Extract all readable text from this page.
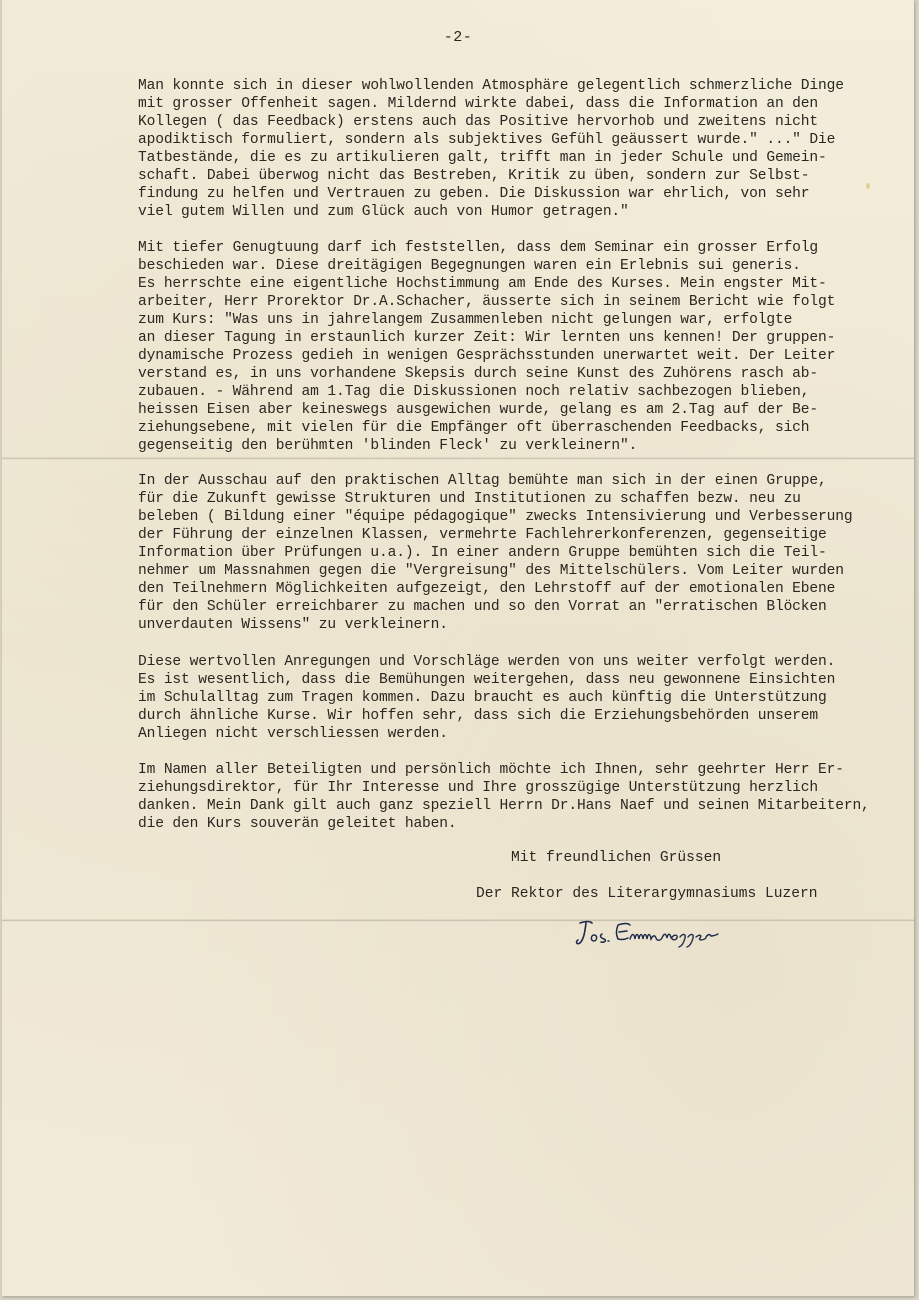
-2-
Man konnte sich in dieser wohlwollenden Atmosphäre gelegentlich schmerzliche Dinge
mit grosser Offenheit sagen. Mildernd wirkte dabei, dass die Information an den
Kollegen ( das Feedback) erstens auch das Positive hervorhob und zweitens nicht
apodiktisch formuliert, sondern als subjektives Gefühl geäussert wurde." ..." Die
Tatbestände, die es zu artikulieren galt, trifft man in jeder Schule und Gemein-
schaft. Dabei überwog nicht das Bestreben, Kritik zu üben, sondern zur Selbst-
findung zu helfen und Vertrauen zu geben. Die Diskussion war ehrlich, von sehr
viel gutem Willen und zum Glück auch von Humor getragen."
Mit tiefer Genugtuung darf ich feststellen, dass dem Seminar ein grosser Erfolg
beschieden war. Diese dreitägigen Begegnungen waren ein Erlebnis sui generis.
Es herrschte eine eigentliche Hochstimmung am Ende des Kurses. Mein engster Mit-
arbeiter, Herr Prorektor Dr.A.Schacher, äusserte sich in seinem Bericht wie folgt
zum Kurs: "Was uns in jahrelangem Zusammenleben nicht gelungen war, erfolgte
an dieser Tagung in erstaunlich kurzer Zeit: Wir lernten uns kennen! Der gruppen-
dynamische Prozess gedieh in wenigen Gesprächsstunden unerwartet weit. Der Leiter
verstand es, in uns vorhandene Skepsis durch seine Kunst des Zuhörens rasch ab-
zubauen. - Während am 1.Tag die Diskussionen noch relativ sachbezogen blieben,
heissen Eisen aber keineswegs ausgewichen wurde, gelang es am 2.Tag auf der Be-
ziehungsebene, mit vielen für die Empfänger oft überraschenden Feedbacks, sich
gegenseitig den berühmten 'blinden Fleck' zu verkleinern".
In der Ausschau auf den praktischen Alltag bemühte man sich in der einen Gruppe,
für die Zukunft gewisse Strukturen und Institutionen zu schaffen bezw. neu zu
beleben ( Bildung einer "équipe pédagogique" zwecks Intensivierung und Verbesserung
der Führung der einzelnen Klassen, vermehrte Fachlehrerkonferenzen, gegenseitige
Information über Prüfungen u.a.). In einer andern Gruppe bemühten sich die Teil-
nehmer um Massnahmen gegen die "Vergreisung" des Mittelschülers. Vom Leiter wurden
den Teilnehmern Möglichkeiten aufgezeigt, den Lehrstoff auf der emotionalen Ebene
für den Schüler erreichbarer zu machen und so den Vorrat an "erratischen Blöcken
unverdauten Wissens" zu verkleinern.
Diese wertvollen Anregungen und Vorschläge werden von uns weiter verfolgt werden.
Es ist wesentlich, dass die Bemühungen weitergehen, dass neu gewonnene Einsichten
im Schulalltag zum Tragen kommen. Dazu braucht es auch künftig die Unterstützung
durch ähnliche Kurse. Wir hoffen sehr, dass sich die Erziehungsbehörden unserem
Anliegen nicht verschliessen werden.
Im Namen aller Beteiligten und persönlich möchte ich Ihnen, sehr geehrter Herr Er-
ziehungsdirektor, für Ihr Interesse und Ihre grosszügige Unterstützung herzlich
danken. Mein Dank gilt auch ganz speziell Herrn Dr.Hans Naef und seinen Mitarbeitern,
die den Kurs souverän geleitet haben.
Mit freundlichen Grüssen
Der Rektor des Literargymnasiums Luzern
